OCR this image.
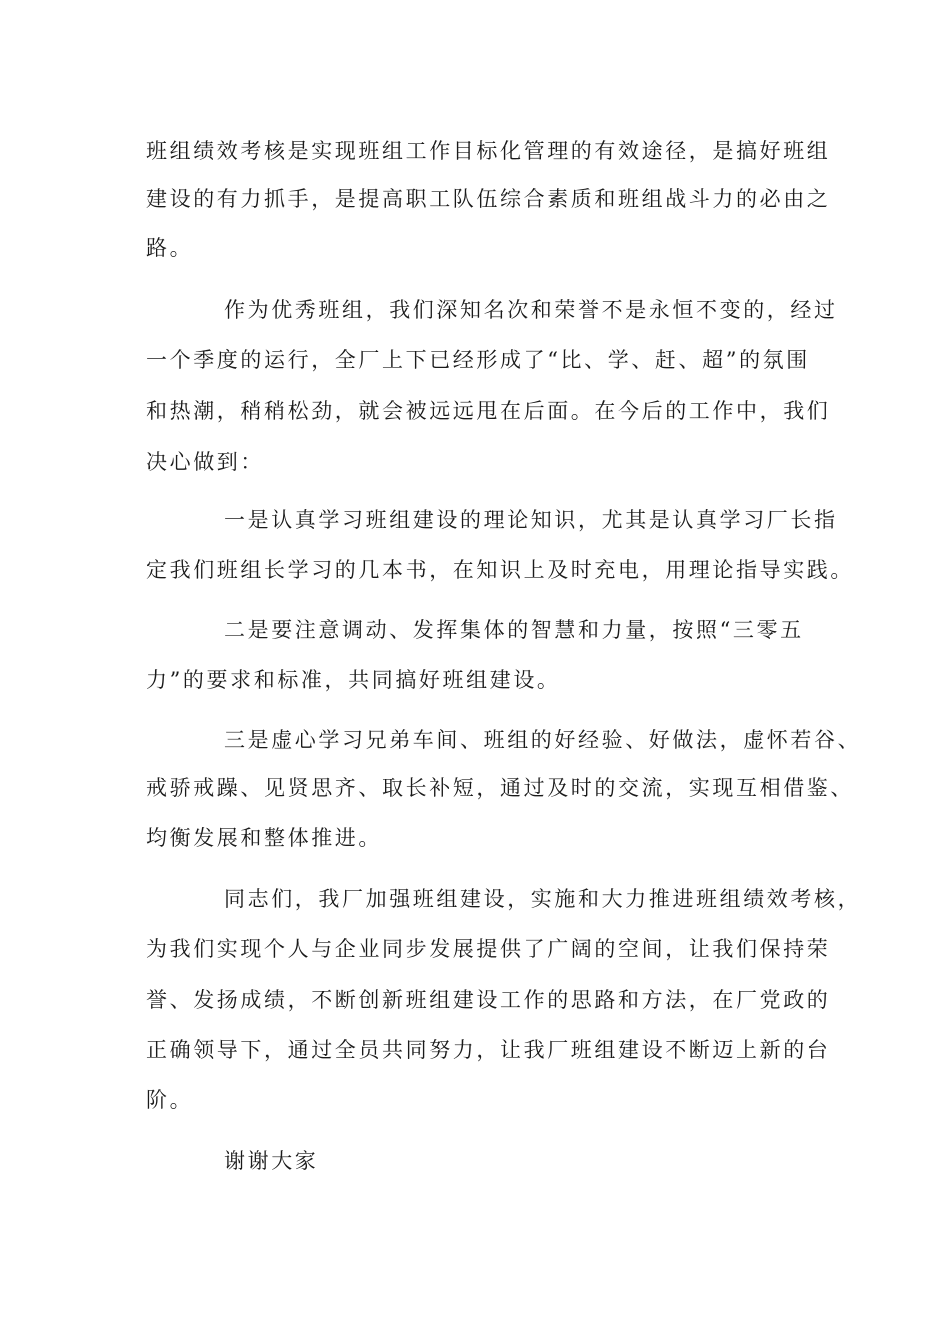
班组绩效考核是实现班组工作目标化管理的有效途径，是搞好班组
建设的有力抓手，是提高职工队伍综合素质和班组战斗力的必由之
路。
作为优秀班组，我们深知名次和荣誉不是永恒不变的，经过
一个季度的运行，全厂上下已经形成了“比、学、赶、超”的氛围
和热潮，稍稍松劲，就会被远远甩在后面。在今后的工作中，我们
决心做到：
一是认真学习班组建设的理论知识，尤其是认真学习厂长指
定我们班组长学习的几本书，在知识上及时充电，用理论指导实践。
二是要注意调动、发挥集体的智慧和力量，按照“三零五
力”的要求和标准，共同搞好班组建设。
三是虚心学习兄弟车间、班组的好经验、好做法，虚怀若谷、
戒骄戒躁、见贤思齐、取长补短，通过及时的交流，实现互相借鉴、
均衡发展和整体推进。
同志们，我厂加强班组建设，实施和大力推进班组绩效考核，
为我们实现个人与企业同步发展提供了广阔的空间，让我们保持荣
誉、发扬成绩，不断创新班组建设工作的思路和方法，在厂党政的
正确领导下，通过全员共同努力，让我厂班组建设不断迈上新的台
阶。
谢谢大家
